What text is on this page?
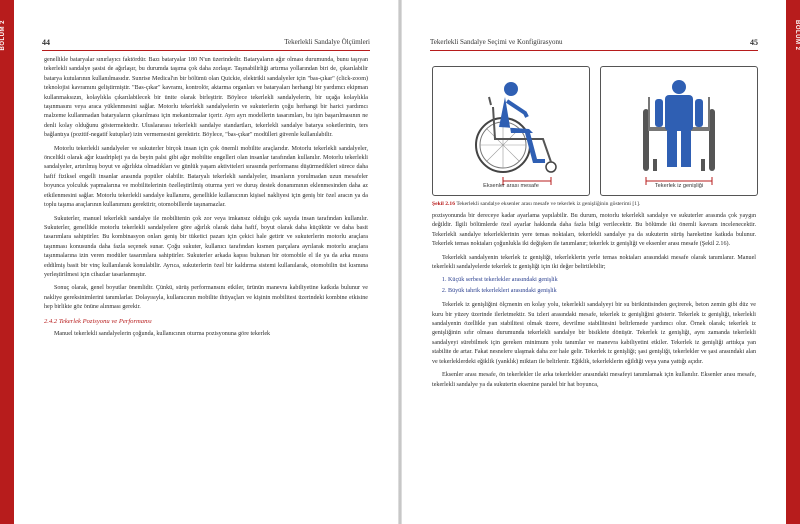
BÖLÜM 2	44	Tekerlekli Sandalye Ölçümleri

genellikle bataryalar sınırlayıcı faktördür. Bazı bataryalar 180 N'un üzerindedir. Bataryaların ağır olması durumunda, bunu taşıyan tekerlekli sandalye şasisi de ağırlaşır, bu durumda taşıma çok daha zorlaşır. Taşınabilirliği artırma yollarından biri de, çıkarılabilir batarya kutularının kullanılmasıdır. Sunrise Medical'ın bir bölümü olan Quickie, elektrikli sandalyeler için "bas-çıkar" (click-zoom) teknolojisi kavramını geliştirmiştir. "Bas-çıkar" kavramı, kontrolör, aktarma organları ve bataryaları herhangi bir yardımcı ekipman kullanmaksızın, kolaylıkla çıkarılabilecek bir ünite olarak birleştirir. Böylece tekerlekli sandalyelerin, bir uçağa kolaylıkla taşınmasını veya araca yüklenmesini sağlar. Motorlu tekerlekli sandalyelerin ve sukuterlerin çoğu herhangi bir harici yardımcı malzeme kullanmadan bataryaların çıkarılması için mekanizmalar içerir. Ayrı ayrı modellerin tasarımları, bu işin başarılmasının ne denli kolay olduğunu göstermektedir. Uluslararası tekerlekli sandalye standartları, tekerlekli sandalye batarya soketlerinin, ters bağlantıya (pozitif-negatif kutuplar) izin vermemesini gerektirir. Böylece, "bas-çıkar" modülleri güvenle kullanılabilir.

Motorlu tekerlekli sandalyeler ve sukuterler birçok insan için çok önemli mobilite araçlarıdır. Motorlu tekerlekli sandalyeler, öncelikli olarak ağır kuadripleji ya da beyin palsi gibi ağır mobilite engelleri olan insanlar tarafından kullanılır. Motorlu tekerlekli sandalyeler, artırılmış boyut ve ağırlıkta olmadıkları ve günlük yaşam aktiviteleri sırasında performansı düşürmedikleri sürece daha hafif fiziksel engelli insanlar arasında popüler olabilir. Bataryalı tekerlekli sandalyeler, insanların yorulmadan uzun mesafeler boyunca yolculuk yapmalarına ve mobilitelerinin özelleştirilmiş oturma yeri ve duruş destek donanımının eklenmesinden daha az etkilenmesini sağlar. Motorlu tekerlekli sandalye kullanımı, genellikle kullanıcının kişisel nakliyesi için geniş bir özel aracın ya da toplu taşıma araçlarının kullanımını gerektirir, otomobillerde taşınamazlar.

Sukuterler, manuel tekerlekli sandalye ile mobilitenin çok zor veya imkansız olduğu çok sayıda insan tarafından kullanılır. Sukuterler, genellikle motorlu tekerlekli sandalyelere göre ağırlık olarak daha hafif, boyut olarak daha küçüktür ve daha basit tasarımlara sahiptirler. Bu kombinasyon onları geniş bir tüketici pazarı için çekici hale getirir ve sukuterlerin motorlu araçlara taşınması konusunda daha fazla seçenek sunar. Çoğu sukuter, kullanıcı tarafından kısmen parçalara ayrılarak motorlu araçlara taşınmalarına izin veren modüler tasarımlara sahiptirler. Sukuterler arkada kapısı bulunan bir otomobile el ile ya da arka mısıra eddilmiş basit bir vinç kullanılarak konulabilir. Ayrıca, sukuterlerin özel bir kaldırma sistemi kullanılarak, otomobilin üst kısmına yerleştirilmesi için cihazlar tasarlanmıştır.

Sonuç olarak, genel boyutlar önemlidir. Çünkü, sürüş performansını etkiler, ürünün manevra kabiliyetine katkıda bulunur ve nakliye gereksinimlerini tanımlarlar. Dolayısıyla, kullanıcının mobilite ihtiyaçları ve kişinin mobilitesi üzerindeki kombine etkisine hep birlikte göz önüne alınması gerekir.

2.4.2 Tekerlek Pozisyonu ve Performansı

Manuel tekerlekli sandalyelerin çoğunda, kullanıcının oturma pozisyonuna göre tekerlek

Tekerlekli Sandalye Seçimi ve Konfigürasyonu	45
Eksenler arası mesafe	Tekerlek iz genişliği
Şekil 2.16 Tekerlekli sandalye eksenler arası mesafe ve tekerlek iz genişliğinin gösterimi [1].

pozisyonunda bir dereceye kadar ayarlama yapılabilir. Bu durum, motorlu tekerlekli sandalye ve sukuterler arasında çok yaygın değildir. İlgili bölümlerde özel ayarlar hakkında daha fazla bilgi verilecektir. Bu bölümde iki önemli kavram incelenecektir. Tekerlekli sandalye tekerleklerinin yere temas noktaları, tekerlekli sandalye ya da sukuterin sürüş hareketine katkıda bulunur. Tekerlek temas noktaları çoğunlukla iki değişken ile tanımlanır; tekerlek iz genişliği ve eksenler arası mesafe (Şekil 2.16).

Tekerlekli sandalyenin tekerlek iz genişliği, tekerleklerin yerle temas noktaları arasındaki mesafe olarak tanımlanır. Manuel tekerlekli sandalyelerde tekerlek iz genişliği için iki değer belirtilebilir;

1. Küçük serbest tekerlekler arasındaki genişlik
2. Büyük tahrik tekerlekleri arasındaki genişlik

Tekerlek iz genişliğini ölçmenin en kolay yolu, tekerlekli sandalyeyi bir su birikintisinden geçirerek, beton zemin gibi düz ve kuru bir yüzey üzerinde ilerletmektir. Su izleri arasındaki mesafe, tekerlek iz genişliğini gösterir. Tekerlek iz genişliği, tekerlekli sandalyenin özellikle yan stabilitesi olmak üzere, devrilme stabilitesini belirlemede yardımcı olur. Örnek olarak; tekerlek iz genişliğinin sıfır olması durumunda tekerlekli sandalye bir bisiklete dönüşür. Tekerlek iz genişliği, aynı zamanda tekerlekli sandalyeyi sürebilmek için gereken minimum yolu tanımlar ve manevra kabiliyetini etkiler. Tekerlek iz genişliği arttıkça yan stabilite de artar. Fakat nesnelere ulaşmak daha zor hale gelir. Tekerlek iz genişliği; şasi genişliği, tekerlekler ve şasi arasındaki alan ve tekerleklerdeki eğiklik (yanklık) miktarı ile belirlenir. Eğiklik, tekerleklerin eğildiği veya yana yattığı açıdır.

Eksenler arası mesafe, ön tekerlekler ile arka tekerlekler arasındaki mesafeyi tanımlamak için kullanılır. Eksenler arası mesafe, tekerlekli sandalye ya da sukuterin eksenine paralel bir hat boyunca,

BÖLÜM 2
